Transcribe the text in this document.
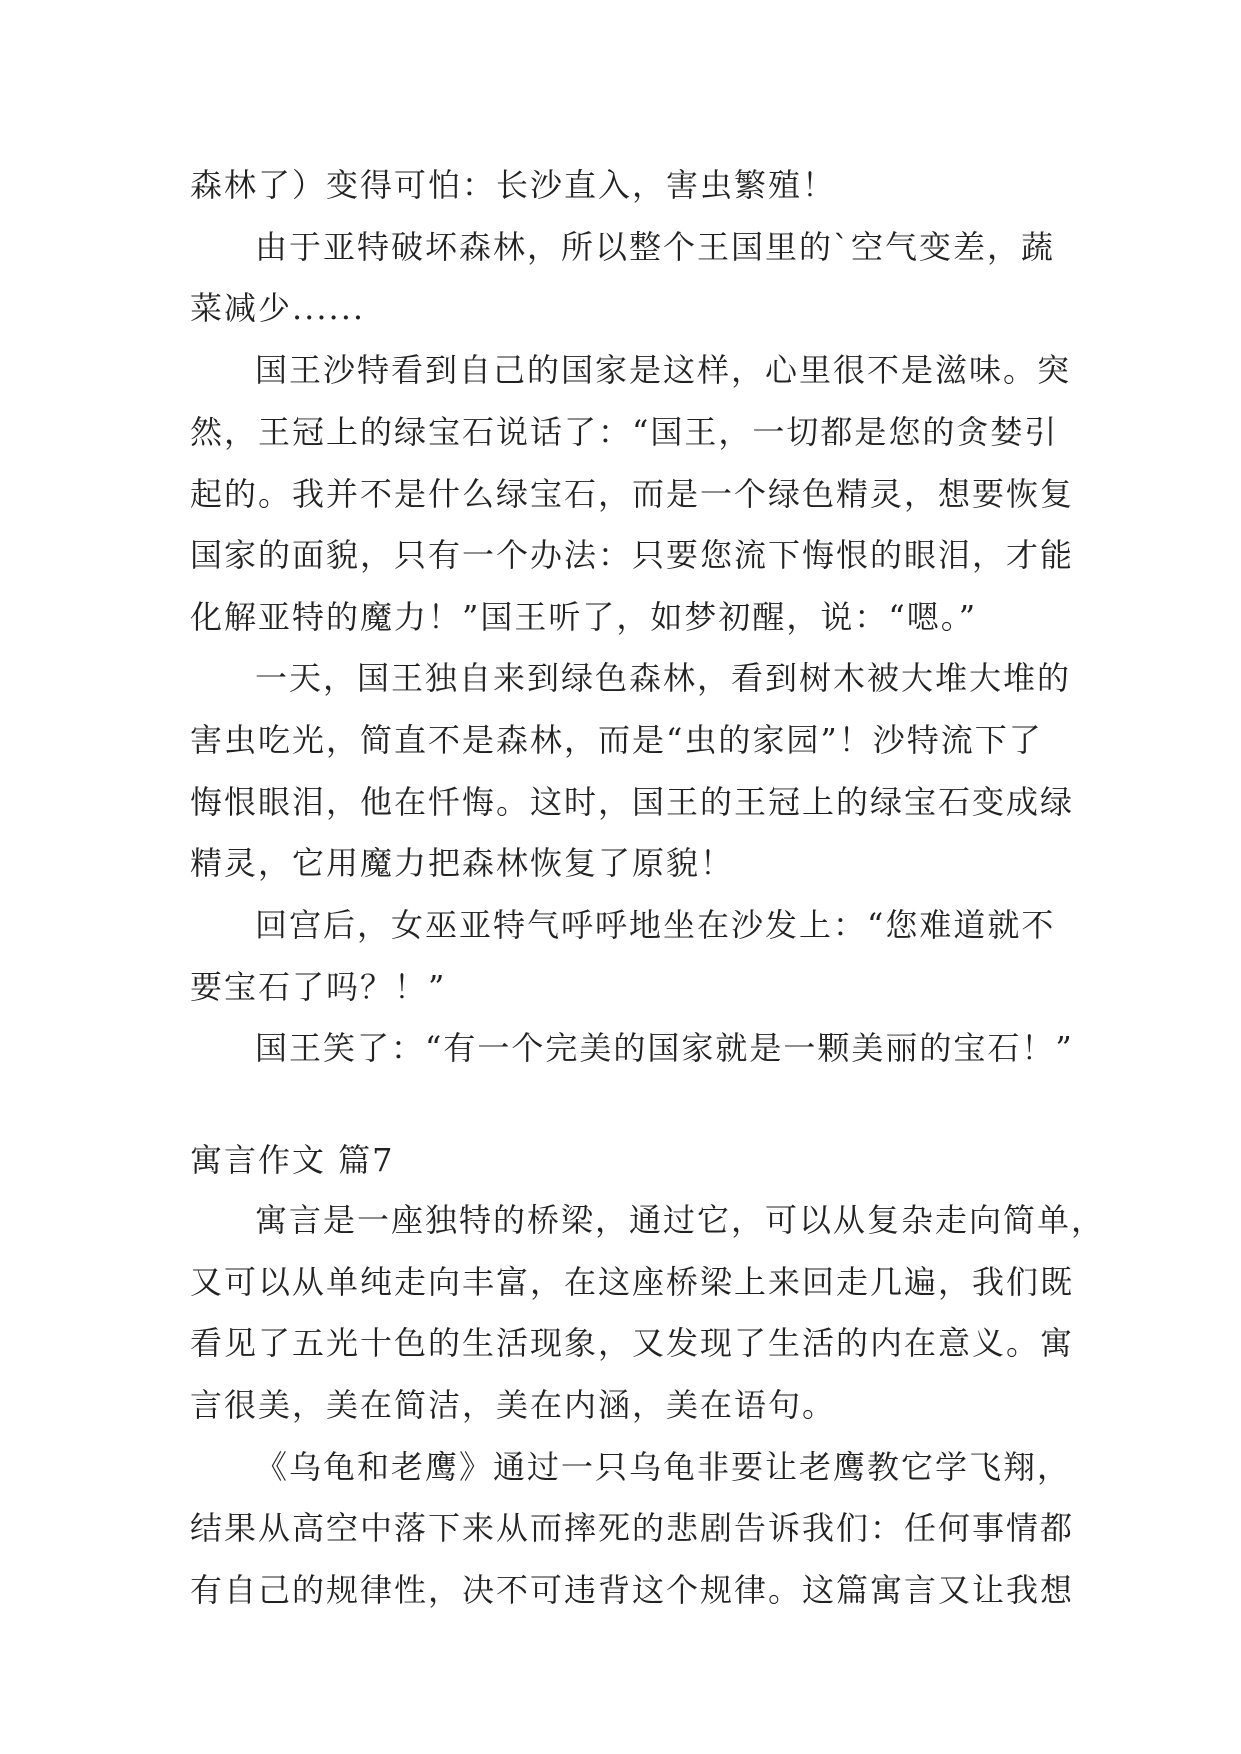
森林了）变得可怕：长沙直入，害虫繁殖！
由于亚特破坏森林，所以整个王国里的`空气变差，蔬
菜减少......
国王沙特看到自己的国家是这样，心里很不是滋味。突
然，王冠上的绿宝石说话了：“国王，一切都是您的贪婪引
起的。我并不是什么绿宝石，而是一个绿色精灵，想要恢复
国家的面貌，只有一个办法：只要您流下悔恨的眼泪，才能
化解亚特的魔力！”国王听了，如梦初醒，说：“嗯。”
一天，国王独自来到绿色森林，看到树木被大堆大堆的
害虫吃光，简直不是森林，而是“虫的家园”！沙特流下了
悔恨眼泪，他在忏悔。这时，国王的王冠上的绿宝石变成绿
精灵，它用魔力把森林恢复了原貌！
回宫后，女巫亚特气呼呼地坐在沙发上：“您难道就不
要宝石了吗？！”
国王笑了：“有一个完美的国家就是一颗美丽的宝石！”
寓言作文 篇7
寓言是一座独特的桥梁，通过它，可以从复杂走向简单，
又可以从单纯走向丰富，在这座桥梁上来回走几遍，我们既
看见了五光十色的生活现象，又发现了生活的内在意义。寓
言很美，美在简洁，美在内涵，美在语句。
《乌龟和老鹰》通过一只乌龟非要让老鹰教它学飞翔，
结果从高空中落下来从而摔死的悲剧告诉我们：任何事情都
有自己的规律性，决不可违背这个规律。这篇寓言又让我想
